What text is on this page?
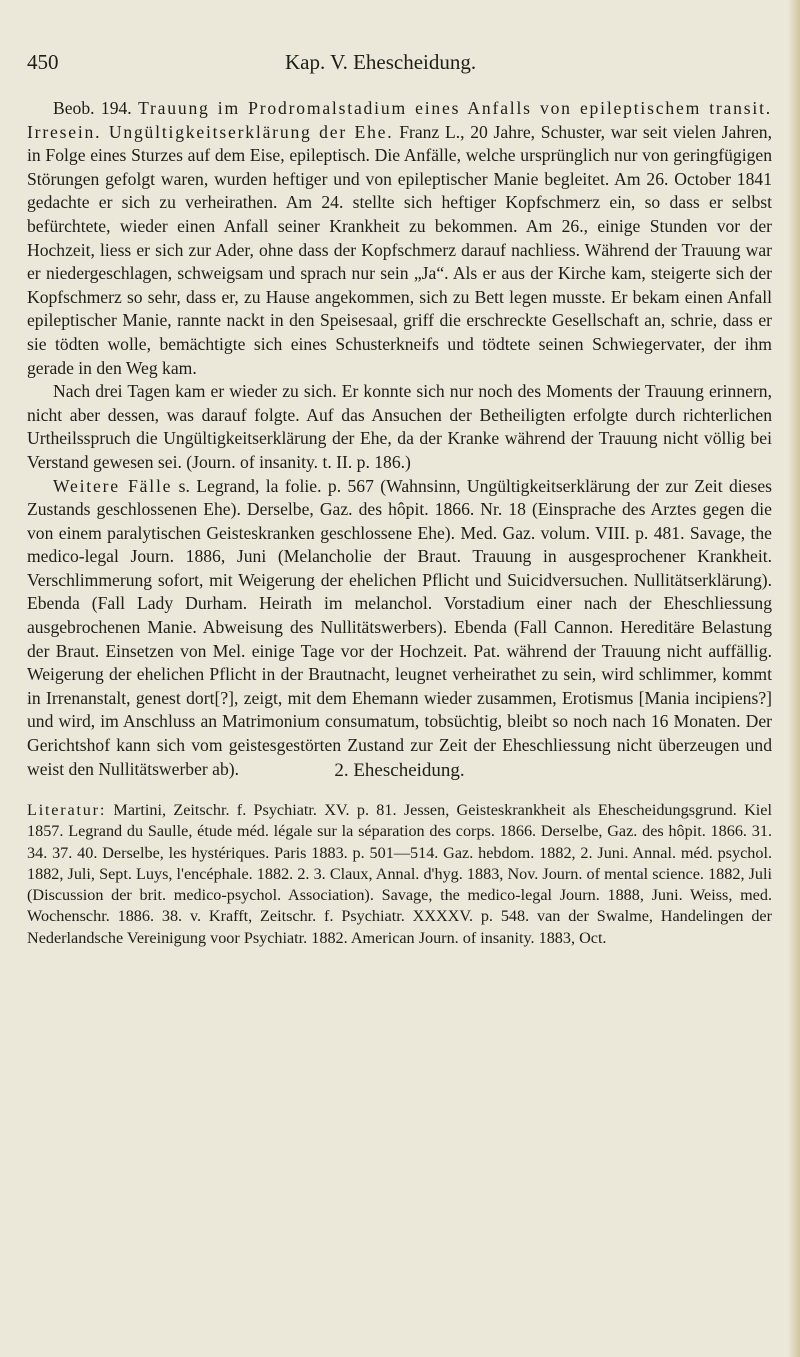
450	Kap. V. Ehescheidung.

Beob. 194. Trauung im Prodromalstadium eines Anfalls von epileptischem transit. Irresein. Ungültigkeitserklärung der Ehe. Franz L., 20 Jahre, Schuster, war seit vielen Jahren, in Folge eines Sturzes auf dem Eise, epileptisch. Die Anfälle, welche ursprünglich nur von geringfügigen Störungen gefolgt waren, wurden heftiger und von epileptischer Manie begleitet. Am 26. October 1841 gedachte er sich zu verheirathen. Am 24. stellte sich heftiger Kopfschmerz ein, so dass er selbst befürchtete, wieder einen Anfall seiner Krankheit zu bekommen. Am 26., einige Stunden vor der Hochzeit, liess er sich zur Ader, ohne dass der Kopfschmerz darauf nachliess. Während der Trauung war er niedergeschlagen, schweigsam und sprach nur sein „Ja“. Als er aus der Kirche kam, steigerte sich der Kopfschmerz so sehr, dass er, zu Hause angekommen, sich zu Bett legen musste. Er bekam einen Anfall epileptischer Manie, rannte nackt in den Speisesaal, griff die erschreckte Gesellschaft an, schrie, dass er sie tödten wolle, bemächtigte sich eines Schusterkneifs und tödtete seinen Schwiegervater, der ihm gerade in den Weg kam.

Nach drei Tagen kam er wieder zu sich. Er konnte sich nur noch des Moments der Trauung erinnern, nicht aber dessen, was darauf folgte. Auf das Ansuchen der Betheiligten erfolgte durch richterlichen Urtheilsspruch die Ungültigkeitserklärung der Ehe, da der Kranke während der Trauung nicht völlig bei Verstand gewesen sei. (Journ. of insanity. t. II. p. 186.)

Weitere Fälle s. Legrand, la folie. p. 567 (Wahnsinn, Ungültigkeitserklärung der zur Zeit dieses Zustands geschlossenen Ehe). Derselbe, Gaz. des hôpit. 1866. Nr. 18 (Einsprache des Arztes gegen die von einem paralytischen Geisteskranken geschlossene Ehe). Med. Gaz. volum. VIII. p. 481. Savage, the medico-legal Journ. 1886, Juni (Melancholie der Braut. Trauung in ausgesprochener Krankheit. Verschlimmerung sofort, mit Weigerung der ehelichen Pflicht und Suicidversuchen. Nullitätserklärung). Ebenda (Fall Lady Durham. Heirath im melanchol. Vorstadium einer nach der Eheschliessung ausgebrochenen Manie. Abweisung des Nullitätswerbers). Ebenda (Fall Cannon. Hereditäre Belastung der Braut. Einsetzen von Mel. einige Tage vor der Hochzeit. Pat. während der Trauung nicht auffällig. Weigerung der ehelichen Pflicht in der Brautnacht, leugnet verheirathet zu sein, wird schlimmer, kommt in Irrenanstalt, genest dort[?], zeigt, mit dem Ehemann wieder zusammen, Erotismus [Mania incipiens?] und wird, im Anschluss an Matrimonium consumatum, tobsüchtig, bleibt so noch nach 16 Monaten. Der Gerichtshof kann sich vom geistesgestörten Zustand zur Zeit der Eheschliessung nicht überzeugen und weist den Nullitätswerber ab).	2. Ehescheidung.

Literatur: Martini, Zeitschr. f. Psychiatr. XV. p. 81. Jessen, Geisteskrankheit als Ehescheidungsgrund. Kiel 1857. Legrand du Saulle, étude méd. légale sur la séparation des corps. 1866. Derselbe, Gaz. des hôpit. 1866. 31. 34. 37. 40. Derselbe, les hystériques. Paris 1883. p. 501—514. Gaz. hebdom. 1882, 2. Juni. Annal. méd. psychol. 1882, Juli, Sept. Luys, l'encéphale. 1882. 2. 3. Claux, Annal. d'hyg. 1883, Nov. Journ. of mental science. 1882, Juli (Discussion der brit. medico-psychol. Association). Savage, the medico-legal Journ. 1888, Juni. Weiss, med. Wochenschr. 1886. 38. v. Krafft, Zeitschr. f. Psychiatr. XXXXV. p. 548. van der Swalme, Handelingen der Nederlandsche Vereinigung voor Psychiatr. 1882. American Journ. of insanity. 1883, Oct.
